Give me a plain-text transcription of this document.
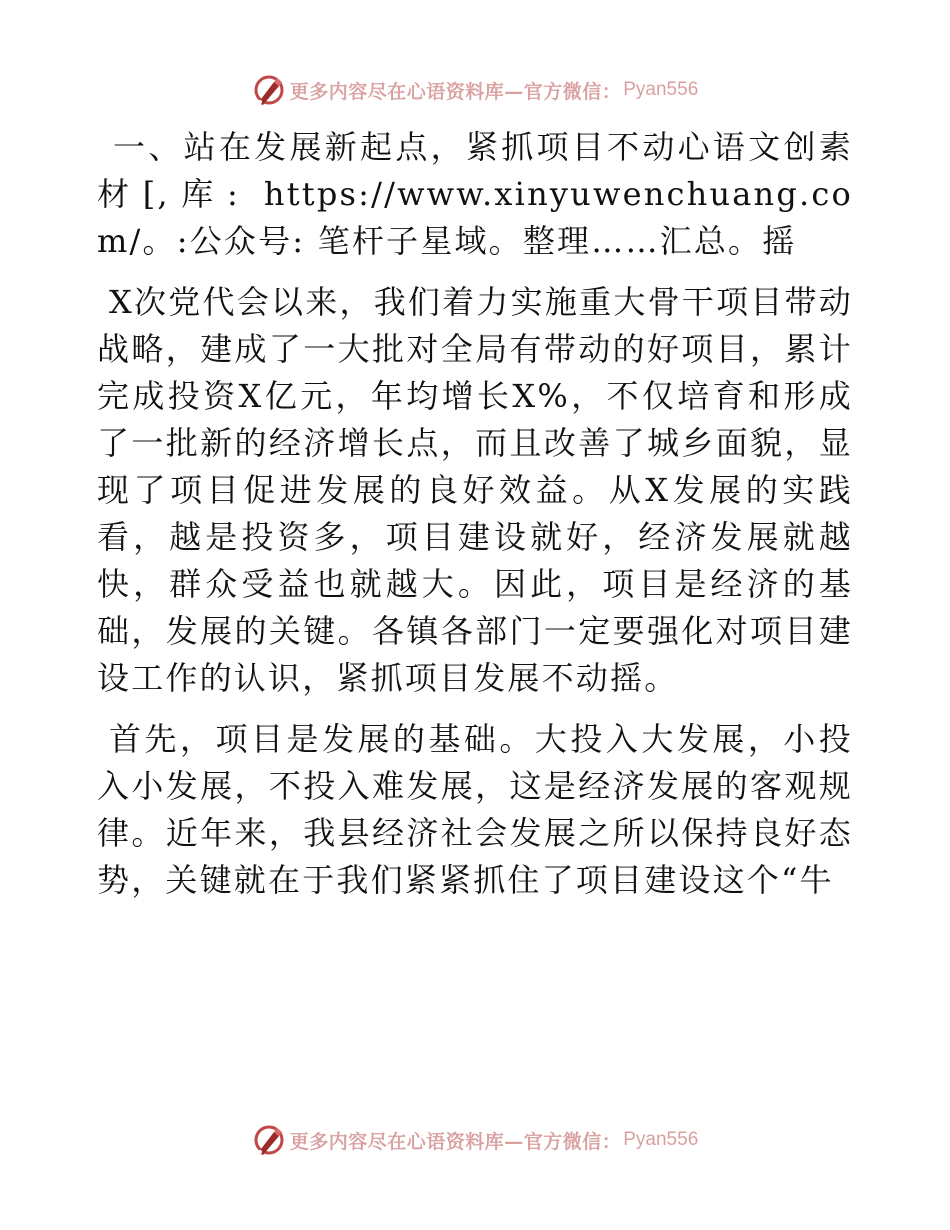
更多内容尽在心语资料库—官方微信： Pyan556

一、站在发展新起点，紧抓项目不动心语文创素材[,库: https://www.xinyuwenchuang.com/。:公众号: 笔杆子星域。整理……汇总。摇

X次党代会以来，我们着力实施重大骨干项目带动战略，建成了一大批对全局有带动的好项目，累计完成投资X亿元，年均增长X%，不仅培育和形成了一批新的经济增长点，而且改善了城乡面貌，显现了项目促进发展的良好效益。从X发展的实践看，越是投资多，项目建设就好，经济发展就越快，群众受益也就越大。因此，项目是经济的基础，发展的关键。各镇各部门一定要强化对项目建设工作的认识，紧抓项目发展不动摇。

首先，项目是发展的基础。大投入大发展，小投入小发展，不投入难发展，这是经济发展的客观规律。近年来，我县经济社会发展之所以保持良好态势，关键就在于我们紧紧抓住了项目建设这个“牛

更多内容尽在心语资料库—官方微信： Pyan556
